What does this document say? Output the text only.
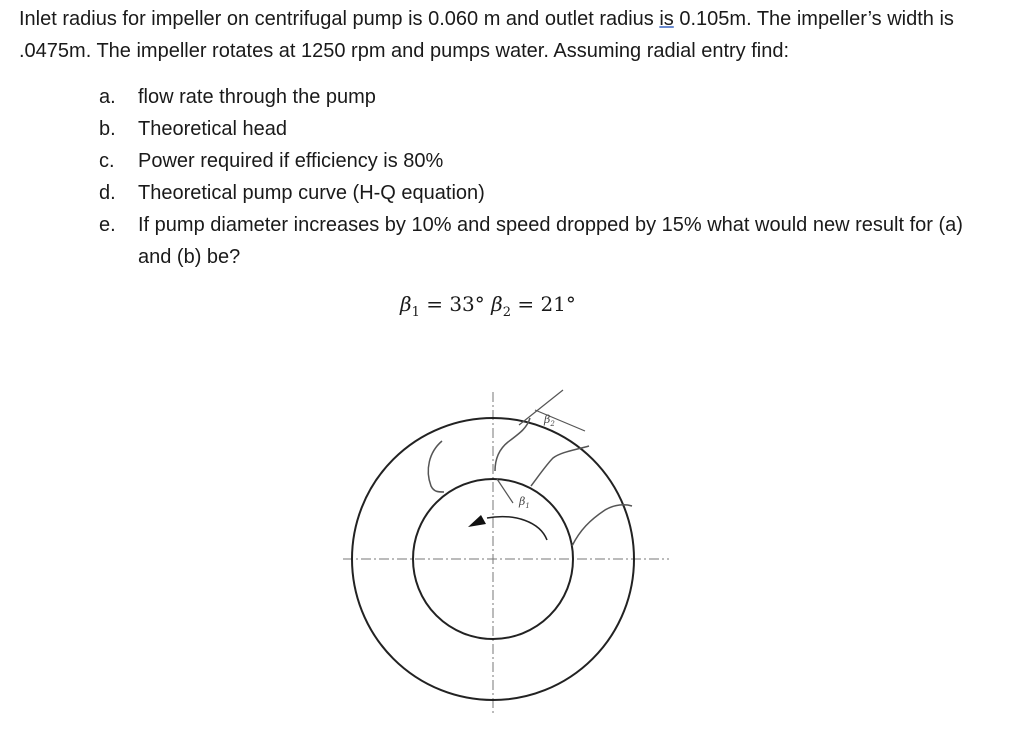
Inlet radius for impeller on centrifugal pump is 0.060 m and outlet radius is 0.105m. The impeller’s width is .0475m. The impeller rotates at 1250 rpm and pumps water. Assuming radial entry find:

a. flow rate through the pump
b. Theoretical head
c. Power required if efficiency is 80%
d. Theoretical pump curve (H-Q equation)
e. If pump diameter increases by 10% and speed dropped by 15% what would new result for (a) and (b) be?
$\beta_1 = 33^\circ$ $\beta_2 = 21^\circ$
$\beta_2$
$\beta_1$
